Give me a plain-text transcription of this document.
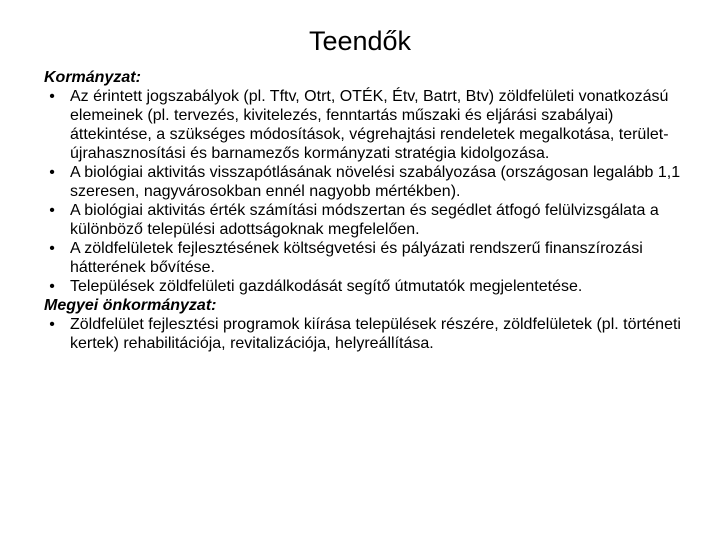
Teendők

Kormányzat:

• Az érintett jogszabályok (pl. Tftv, Otrt, OTÉK, Étv, Batrt, Btv) zöldfelületi vonatkozású elemeinek (pl. tervezés, kivitelezés, fenntartás műszaki és eljárási szabályai) áttekintése, a szükséges módosítások, végrehajtási rendeletek megalkotása, terület-újrahasznosítási és barnamezős kormányzati stratégia kidolgozása.
• A biológiai aktivitás visszapótlásának növelési szabályozása (országosan legalább 1,1 szeresen, nagyvárosokban ennél nagyobb mértékben).
• A biológiai aktivitás érték számítási módszertan és segédlet átfogó felülvizsgálata a különböző települési adottságoknak megfelelően.
• A zöldfelületek fejlesztésének költségvetési és pályázati rendszerű finanszírozási hátterének bővítése.
• Települések zöldfelületi gazdálkodását segítő útmutatók megjelentetése.

Megyei önkormányzat:

• Zöldfelület fejlesztési programok kiírása települések részére, zöldfelületek (pl. történeti kertek) rehabilitációja, revitalizációja, helyreállítása.
